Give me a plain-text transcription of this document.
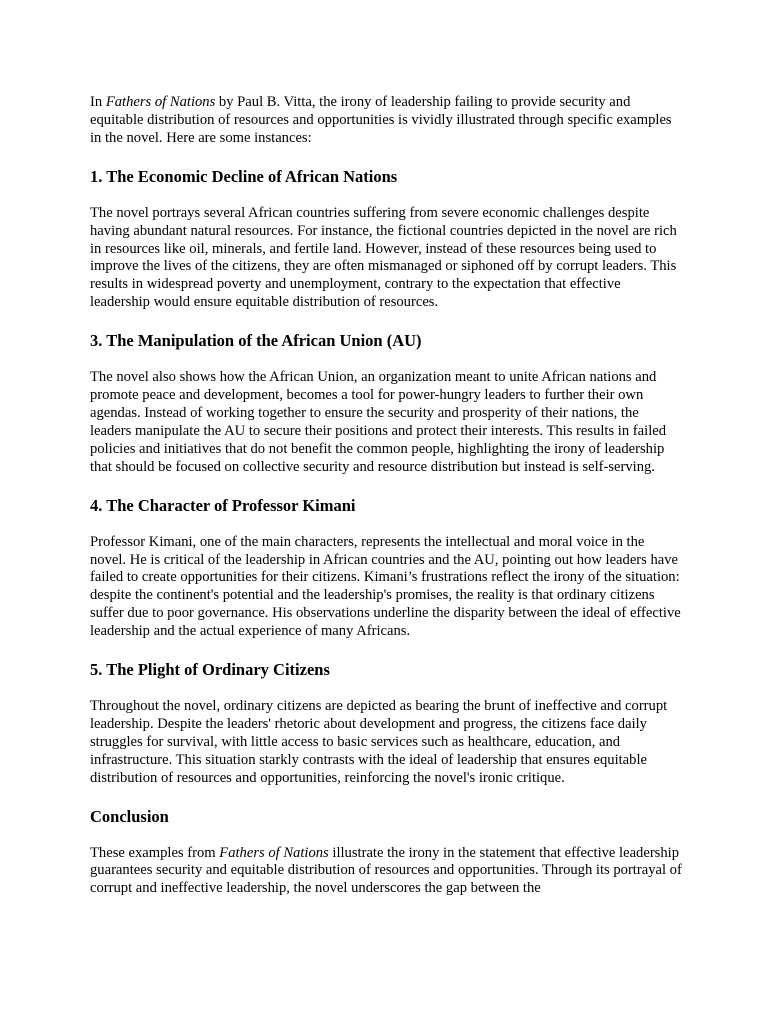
In Fathers of Nations by Paul B. Vitta, the irony of leadership failing to provide security and equitable distribution of resources and opportunities is vividly illustrated through specific examples in the novel. Here are some instances:

1. The Economic Decline of African Nations

The novel portrays several African countries suffering from severe economic challenges despite having abundant natural resources. For instance, the fictional countries depicted in the novel are rich in resources like oil, minerals, and fertile land. However, instead of these resources being used to improve the lives of the citizens, they are often mismanaged or siphoned off by corrupt leaders. This results in widespread poverty and unemployment, contrary to the expectation that effective leadership would ensure equitable distribution of resources.

3. The Manipulation of the African Union (AU)

The novel also shows how the African Union, an organization meant to unite African nations and promote peace and development, becomes a tool for power-hungry leaders to further their own agendas. Instead of working together to ensure the security and prosperity of their nations, the leaders manipulate the AU to secure their positions and protect their interests. This results in failed policies and initiatives that do not benefit the common people, highlighting the irony of leadership that should be focused on collective security and resource distribution but instead is self-serving.

4. The Character of Professor Kimani

Professor Kimani, one of the main characters, represents the intellectual and moral voice in the novel. He is critical of the leadership in African countries and the AU, pointing out how leaders have failed to create opportunities for their citizens. Kimani’s frustrations reflect the irony of the situation: despite the continent's potential and the leadership's promises, the reality is that ordinary citizens suffer due to poor governance. His observations underline the disparity between the ideal of effective leadership and the actual experience of many Africans.

5. The Plight of Ordinary Citizens

Throughout the novel, ordinary citizens are depicted as bearing the brunt of ineffective and corrupt leadership. Despite the leaders' rhetoric about development and progress, the citizens face daily struggles for survival, with little access to basic services such as healthcare, education, and infrastructure. This situation starkly contrasts with the ideal of leadership that ensures equitable distribution of resources and opportunities, reinforcing the novel's ironic critique.

Conclusion

These examples from Fathers of Nations illustrate the irony in the statement that effective leadership guarantees security and equitable distribution of resources and opportunities. Through its portrayal of corrupt and ineffective leadership, the novel underscores the gap between the
